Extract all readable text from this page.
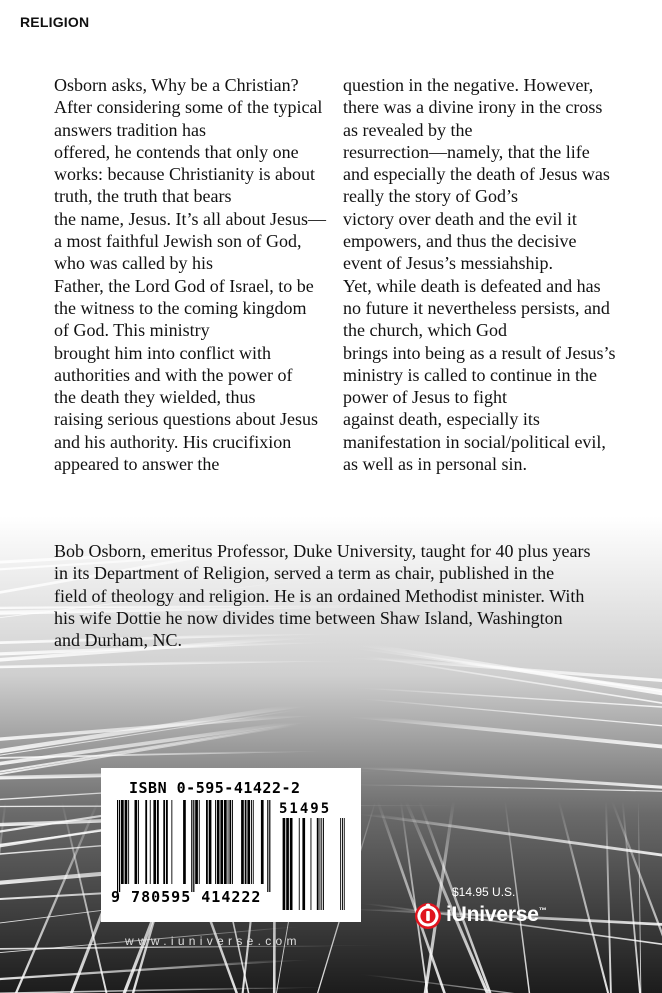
RELIGION
Osborn asks, Why be a Christian?
After considering some of the typical
answers tradition has
offered, he contends that only one
works: because Christianity is about
truth, the truth that bears
the name, Jesus. It’s all about Jesus—
a most faithful Jewish son of God,
who was called by his
Father, the Lord God of Israel, to be
the witness to the coming kingdom
of God. This ministry
brought him into conflict with
authorities and with the power of
the death they wielded, thus
raising serious questions about Jesus
and his authority. His crucifixion
appeared to answer the
question in the negative. However,
there was a divine irony in the cross
as revealed by the
resurrection—namely, that the life
and especially the death of Jesus was
really the story of God’s
victory over death and the evil it
empowers, and thus the decisive
event of Jesus’s messiahship.
Yet, while death is defeated and has
no future it nevertheless persists, and
the church, which God
brings into being as a result of Jesus’s
ministry is called to continue in the
power of Jesus to fight
against death, especially its
manifestation in social/political evil,
as well as in personal sin.
Bob Osborn, emeritus Professor, Duke University, taught for 40 plus years
in its Department of Religion, served a term as chair, published in the
field of theology and religion. He is an ordained Methodist minister. With
his wife Dottie he now divides time between Shaw Island, Washington
and Durham, NC.
ISBN 0-595-41422-2
51495
9 780595 414222
www.iuniverse.com
$14.95 U.S.
iUniverse™
